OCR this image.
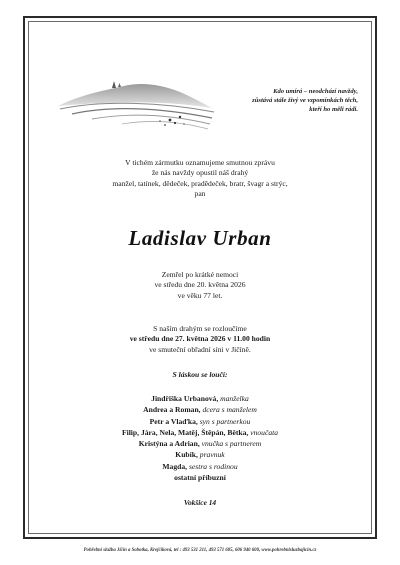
Kdo umírá – neodchází navždy,
zůstává stále živý ve vzpomínkách těch,
kteří ho měli rádi.
V tichém zármutku oznamujeme smutnou zprávu
že nás navždy opustil náš drahý
manžel, tatínek, dědeček, pradědeček, bratr, švagr a strýc,
pan
Ladislav Urban
Zemřel po krátké nemoci
ve středu dne 20. května 2026
ve věku 77 let.
S naším drahým se rozloučíme
ve středu dne 27. května 2026 v 11.00 hodin
ve smuteční obřadní síni v Jičíně.
S láskou se loučí:
Jindřiška Urbanová, manželka
Andrea a Roman, dcera s manželem
Petr a Vlaďka, syn s partnerkou
Filip, Jára, Nela, Matěj, Štěpán, Bětka, vnoučata
Kristýna a Adrian, vnučka s partnerem
Kubík, pravnuk
Magda, sestra s rodinou
ostatní příbuzní
Vokšice 14
Pohřební služba Jičín a Sobotka, Krejčíková, tel : 493 531 211, 493 571 605, 606 940 600, www.pohrebnisluzbajicin.cz
